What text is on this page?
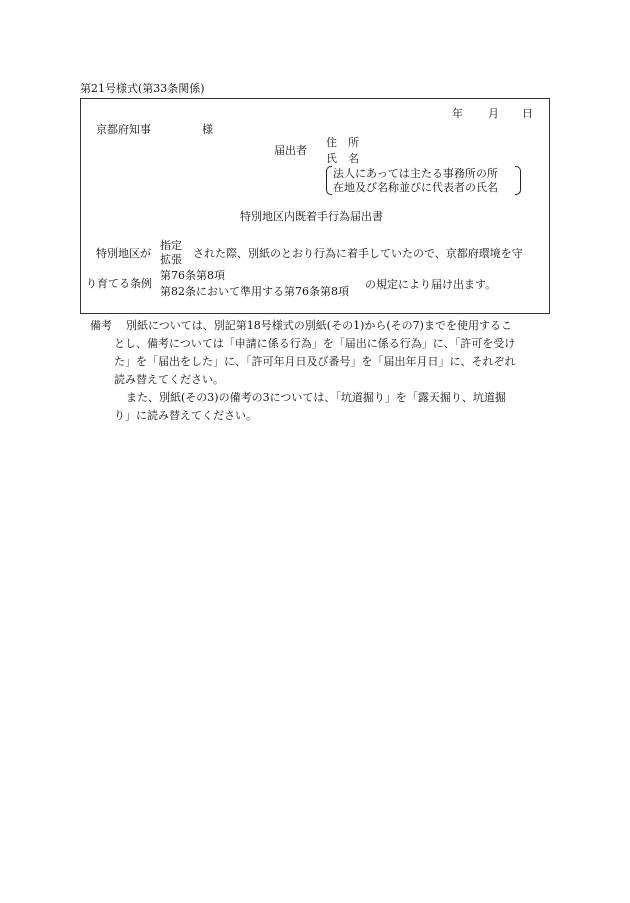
第21号様式(第33条関係)
年 月 日
京都府知事	様
届出者
住　所
氏　名
法人にあっては主たる事務所の所
在地及び名称並びに代表者の氏名
特別地区内既着手行為届出書
特別地区が
指定
拡張 された際、別紙のとおり行為に着手していたので、京都府環境を守
り育てる条例
第76条第8項
第82条において準用する第76条第8項
の規定により届け出ます。
備考 別紙については、別記第18号様式の別紙(その1)から(その7)までを使用するこ
とし、備考については「申請に係る行為」を「届出に係る行為」に、「許可を受け
た」を「届出をした」に、「許可年月日及び番号」を「届出年月日」に、それぞれ
読み替えてください。
また、別紙(その3)の備考の3については、「坑道掘り」を「露天掘り、坑道掘
り」に読み替えてください。
